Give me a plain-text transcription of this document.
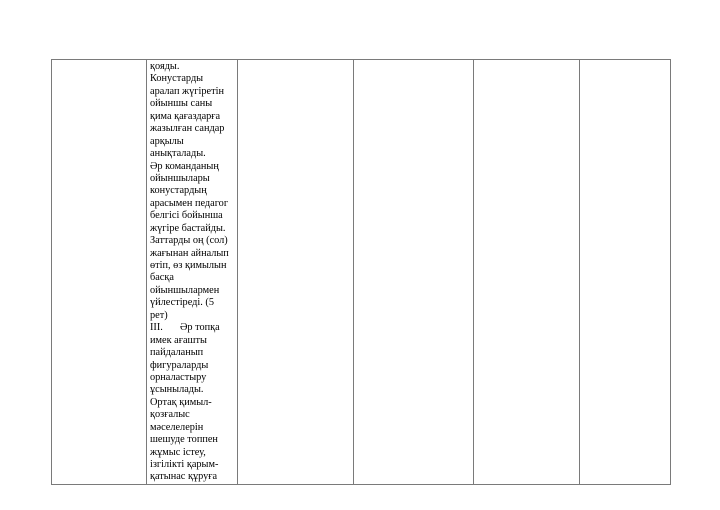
қояды.
Конустарды
аралап жүгіретін
ойыншы саны
қима қағаздарға
жазылған сандар
арқылы
анықталады.
Әр команданың
ойыншылары
конустардың
арасымен педагог
белгісі бойынша
жүгіре бастайды.
Заттарды оң (сол)
жағынан айналып
өтіп, өз қимылын
басқа
ойыншылармен
үйлестіреді. (5
рет)
III. Әр топқа
имек ағашты
пайдаланып
фигураларды
орналастыру
ұсынылады.
Ортақ қимыл-
қозғалыс
мәселелерін
шешуде топпен
жұмыс істеу,
ізгілікті қарым-
қатынас құруға
